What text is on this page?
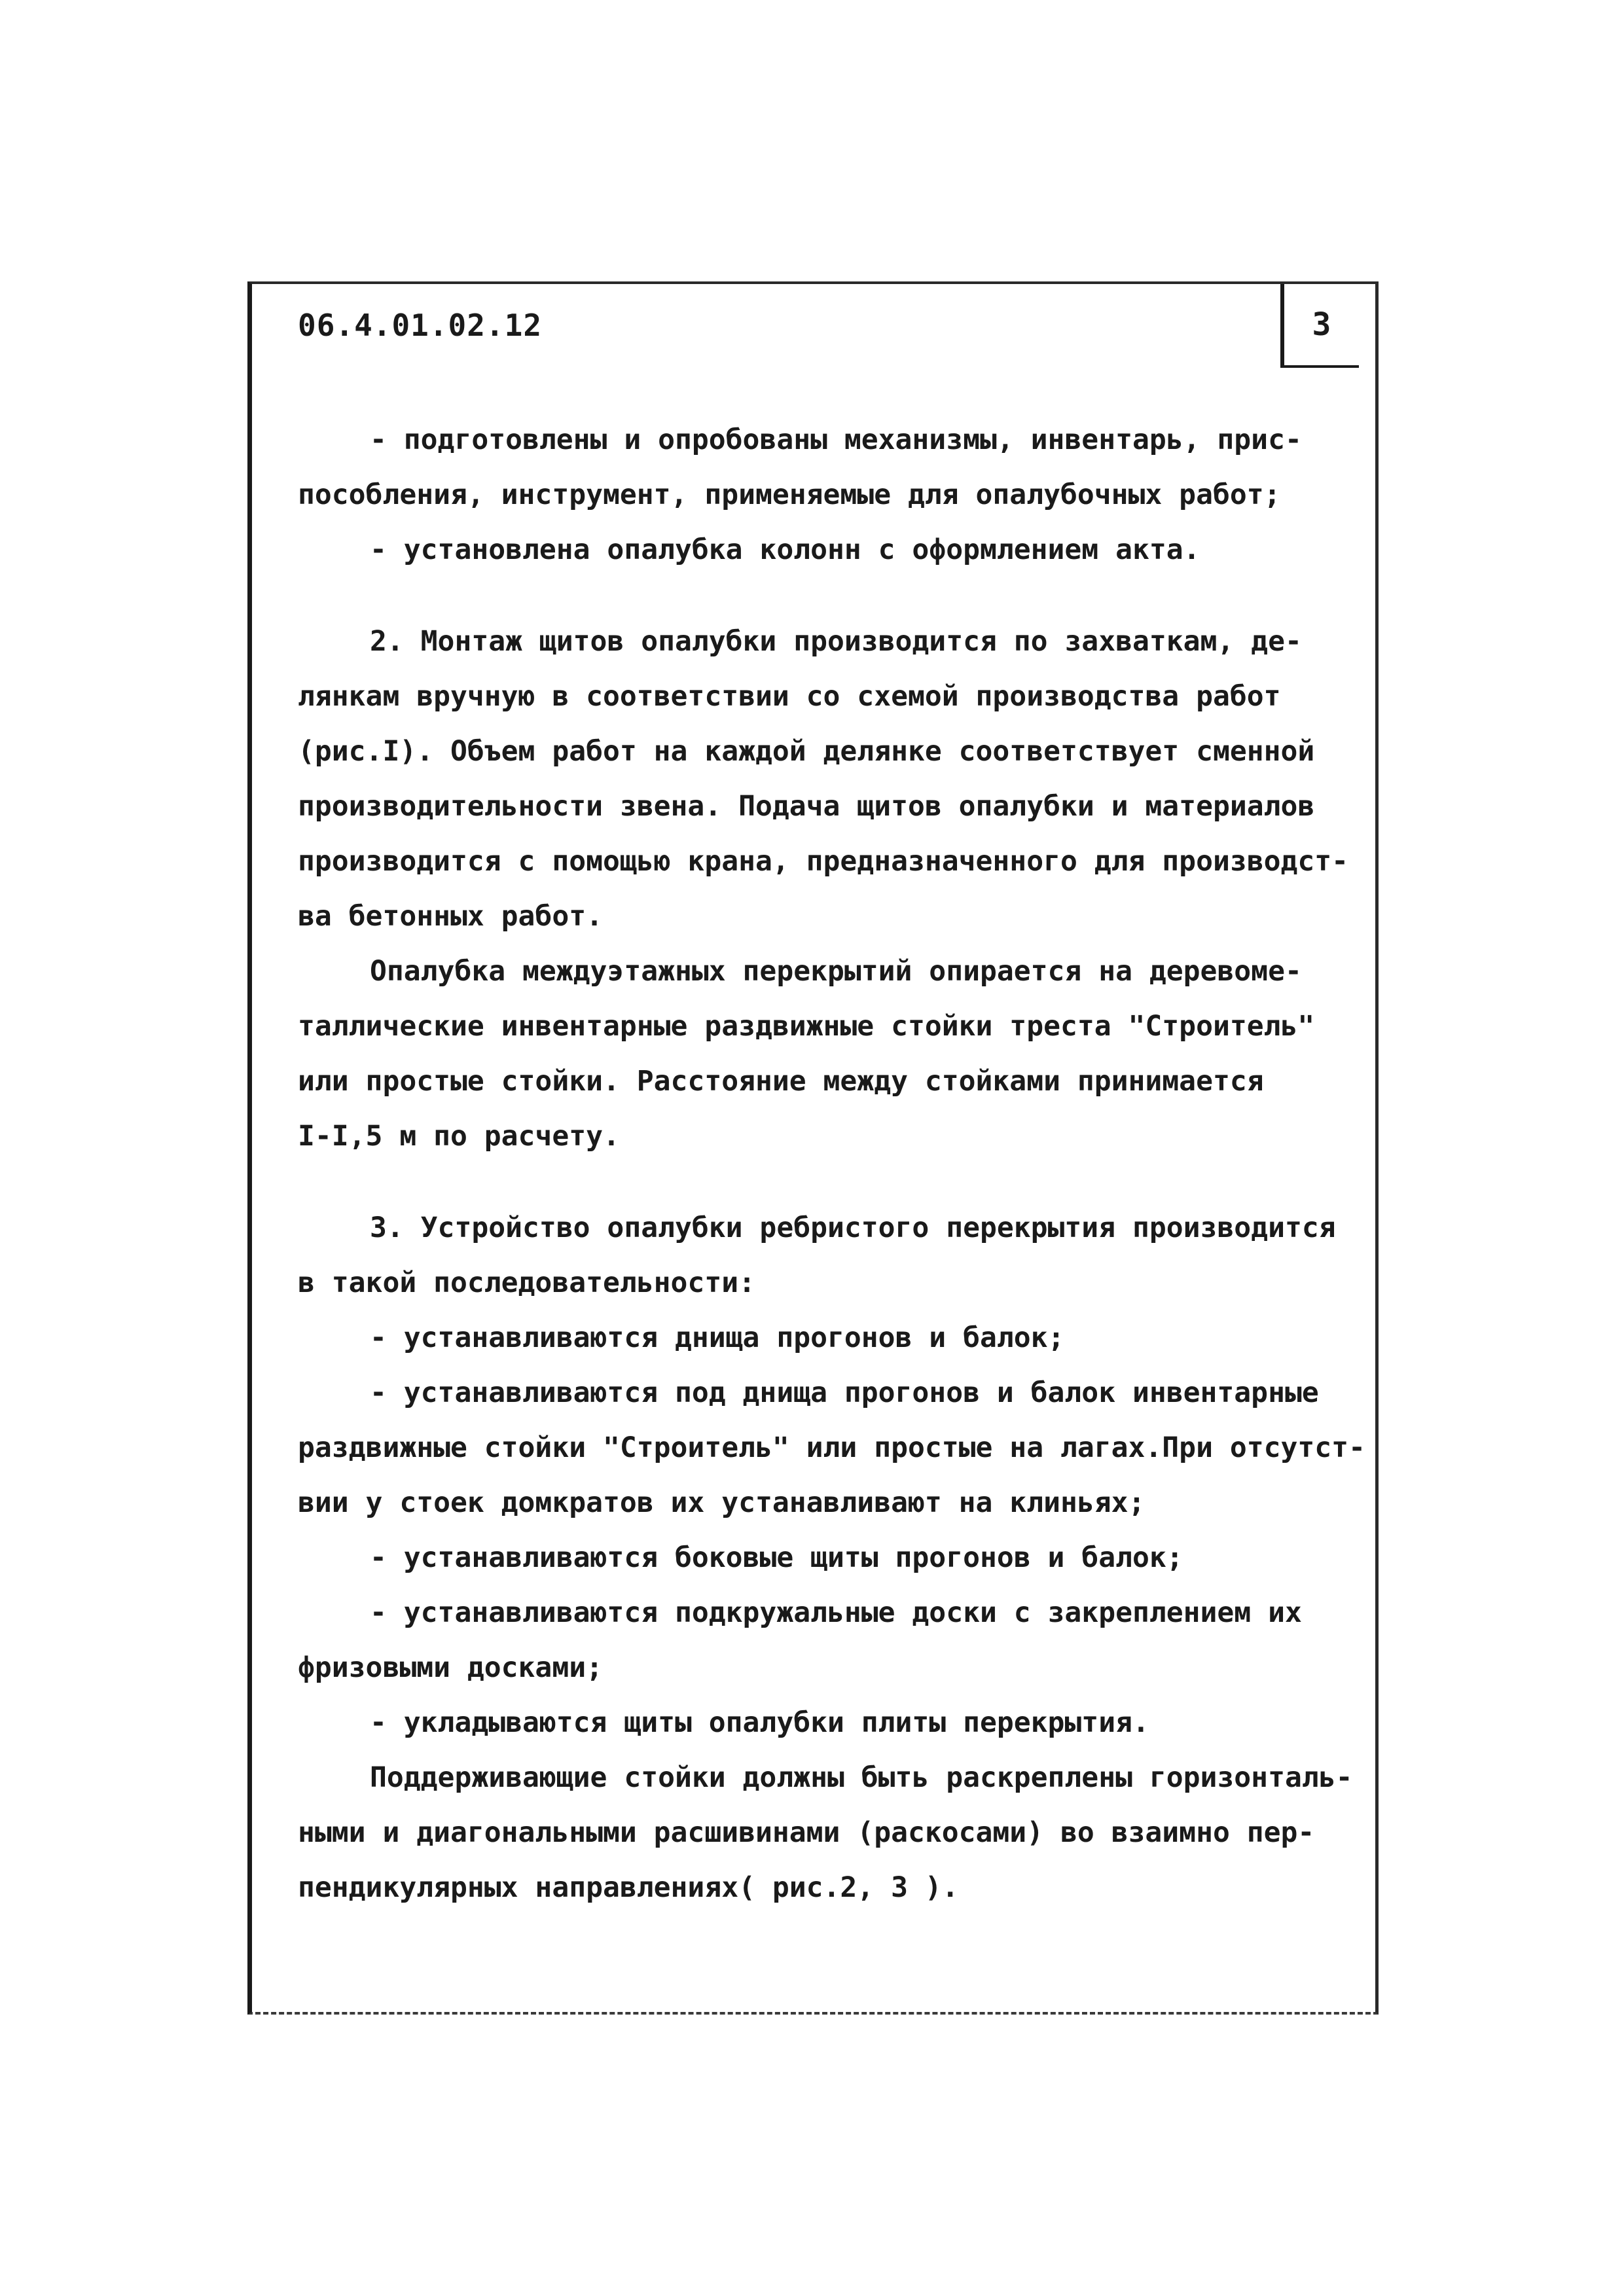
06.4.01.02.12	3
- подготовлены и опробованы механизмы, инвентарь, прис-
пособления, инструмент, применяемые для опалубочных работ;
- установлена опалубка колонн с оформлением акта.
2. Монтаж щитов опалубки производится по захваткам, де-
лянкам вручную в соответствии со схемой производства работ
(рис.I). Объем работ на каждой делянке соответствует сменной
производительности звена. Подача щитов опалубки и материалов
производится с помощью крана, предназначенного для производст-
ва бетонных работ.
Опалубка междуэтажных перекрытий опирается на деревоме-
таллические инвентарные раздвижные стойки треста "Строитель"
или простые стойки. Расстояние между стойками принимается
I-I,5 м по расчету.
3. Устройство опалубки ребристого перекрытия производится
в такой последовательности:
- устанавливаются днища прогонов и балок;
- устанавливаются под днища прогонов и балок инвентарные
раздвижные стойки "Строитель" или простые на лагах.При отсутст-
вии у стоек домкратов их устанавливают на клиньях;
- устанавливаются боковые щиты прогонов и балок;
- устанавливаются подкружальные доски с закреплением их
фризовыми досками;
- укладываются щиты опалубки плиты перекрытия.
Поддерживающие стойки должны быть раскреплены горизонталь-
ными и диагональными расшивинами (раскосами) во взаимно пер-
пендикулярных направлениях( рис.2, 3 ).
